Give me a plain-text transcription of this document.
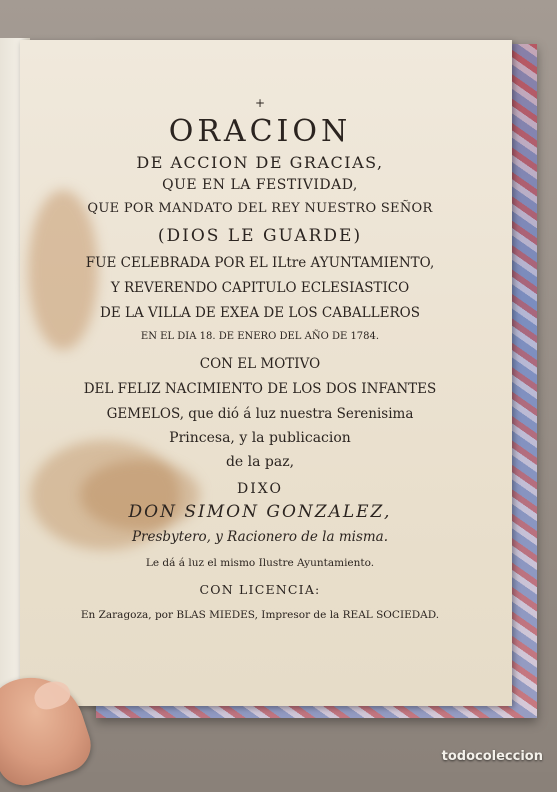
+
ORACION
DE ACCION DE GRACIAS,
QUE EN LA FESTIVIDAD,
QUE POR MANDATO DEL REY NUESTRO SEÑOR
(DIOS LE GUARDE)
FUE CELEBRADA POR EL ILtre AYUNTAMIENTO,
Y REVERENDO CAPITULO ECLESIASTICO
DE LA VILLA DE EXEA DE LOS CABALLEROS
EN EL DIA 18. DE ENERO DEL AÑO DE 1784.
CON EL MOTIVO
DEL FELIZ NACIMIENTO DE LOS DOS INFANTES
GEMELOS, que dió á luz nuestra Serenisima
Princesa, y la publicacion
de la paz,
DIXO
DON SIMON GONZALEZ,
Presbytero, y Racionero de la misma.
Le dá á luz el mismo Ilustre Ayuntamiento.
CON LICENCIA:
En Zaragoza, por BLAS MIEDES, Impresor de la REAL SOCIEDAD.
todocoleccion
